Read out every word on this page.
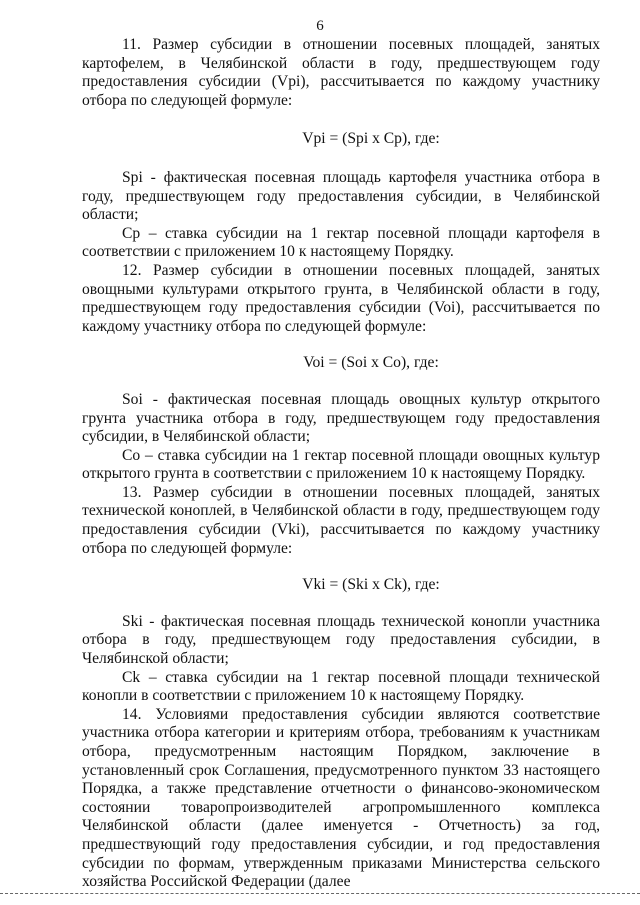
6

11. Размер субсидии в отношении посевных площадей, занятых картофелем, в Челябинской области в году, предшествующем году предоставления субсидии (Vpi), рассчитывается по каждому участнику отбора по следующей формуле:

Vpi = (Spi х Cp), где:

Spi - фактическая посевная площадь картофеля участника отбора в году, предшествующем году предоставления субсидии, в Челябинской области;

Cp – ставка субсидии на 1 гектар посевной площади картофеля в соответствии с приложением 10 к настоящему Порядку.

12. Размер субсидии в отношении посевных площадей, занятых овощными культурами открытого грунта, в Челябинской области в году, предшествующем году предоставления субсидии (Voi), рассчитывается по каждому участнику отбора по следующей формуле:

Voi = (Soi х Co), где:

Soi - фактическая посевная площадь овощных культур открытого грунта участника отбора в году, предшествующем году предоставления субсидии, в Челябинской области;

Co – ставка субсидии на 1 гектар посевной площади овощных культур открытого грунта в соответствии с приложением 10 к настоящему Порядку.

13. Размер субсидии в отношении посевных площадей, занятых технической коноплей, в Челябинской области в году, предшествующем году предоставления субсидии (Vki), рассчитывается по каждому участнику отбора по следующей формуле:

Vki = (Ski х Ck), где:

Ski - фактическая посевная площадь технической конопли участника отбора в году, предшествующем году предоставления субсидии, в Челябинской области;

Ck – ставка субсидии на 1 гектар посевной площади технической конопли в соответствии с приложением 10 к настоящему Порядку.

14. Условиями предоставления субсидии являются соответствие участника отбора категории и критериям отбора, требованиям к участникам отбора, предусмотренным настоящим Порядком, заключение в установленный срок Соглашения, предусмотренного пунктом 33 настоящего Порядка, а также представление отчетности о финансово-экономическом состоянии товаропроизводителей агропромышленного комплекса Челябинской области (далее именуется - Отчетность) за год, предшествующий году предоставления субсидии, и год предоставления субсидии по формам, утвержденным приказами Министерства сельского хозяйства Российской Федерации (далее
